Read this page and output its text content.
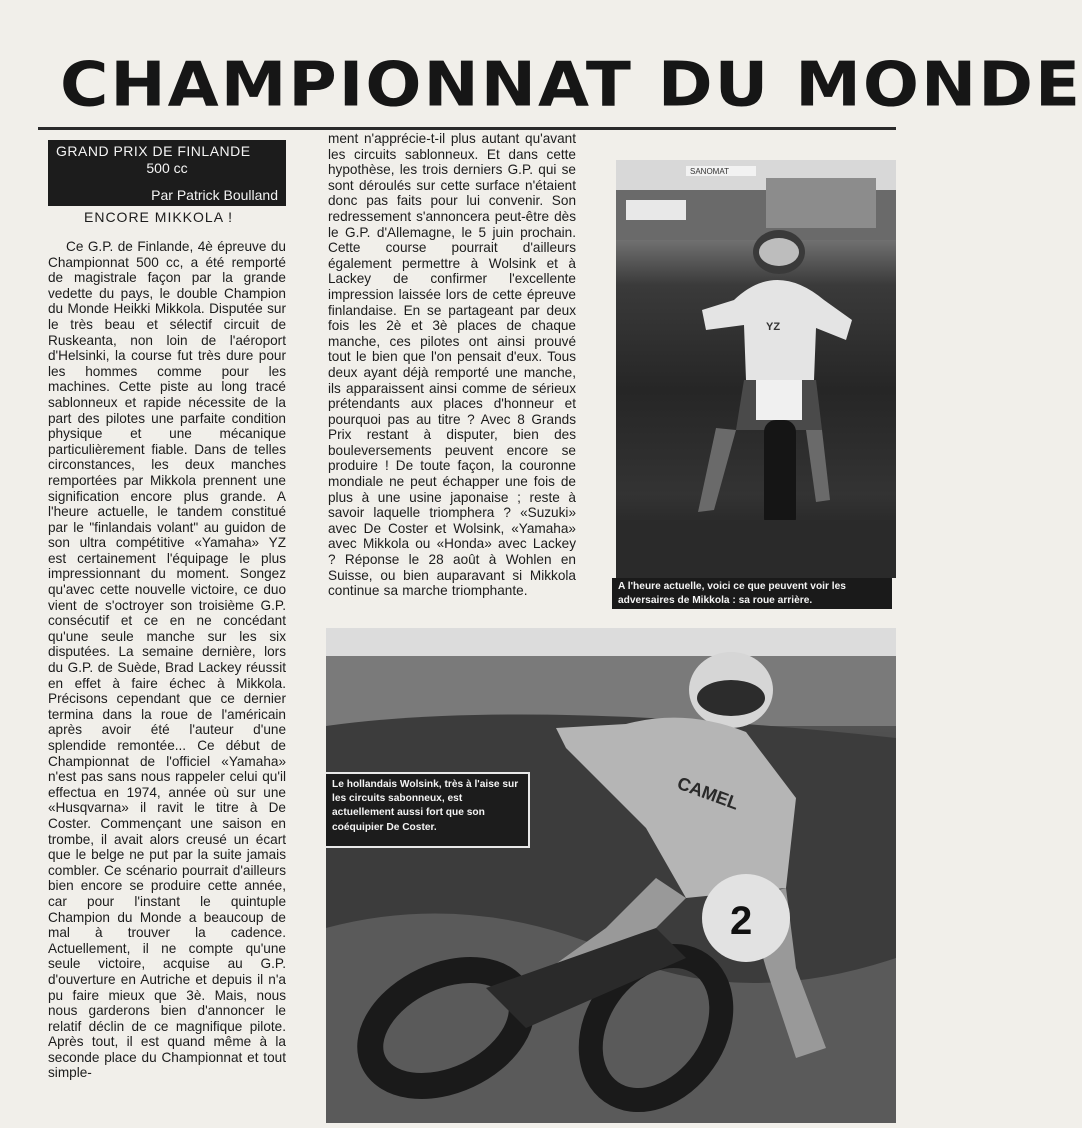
CHAMPIONNAT DU MONDE
GRAND PRIX DE FINLANDE
500 cc
Par Patrick Boulland
ENCORE MIKKOLA !
Ce G.P. de Finlande, 4è épreuve du Championnat 500 cc, a été remporté de magistrale façon par la grande vedette du pays, le double Champion du Monde Heikki Mikkola. Disputée sur le très beau et sélectif circuit de Ruskeanta, non loin de l'aéroport d'Helsinki, la course fut très dure pour les hommes comme pour les machines. Cette piste au long tracé sablonneux et rapide nécessite de la part des pilotes une parfaite condition physique et une mécanique particulièrement fiable. Dans de telles circonstances, les deux manches remportées par Mikkola prennent une signification encore plus grande. A l'heure actuelle, le tandem constitué par le "finlandais volant" au guidon de son ultra compétitive «Yamaha» YZ est certainement l'équipage le plus impressionnant du moment. Songez qu'avec cette nouvelle victoire, ce duo vient de s'octroyer son troisième G.P. consécutif et ce en ne concédant qu'une seule manche sur les six disputées. La semaine dernière, lors du G.P. de Suède, Brad Lackey réussit en effet à faire échec à Mikkola. Précisons cependant que ce dernier termina dans la roue de l'américain après avoir été l'auteur d'une splendide remontée... Ce début de Championnat de l'officiel «Yamaha» n'est pas sans nous rappeler celui qu'il effectua en 1974, année où sur une «Husqvarna» il ravit le titre à De Coster. Commençant une saison en trombe, il avait alors creusé un écart que le belge ne put par la suite jamais combler. Ce scénario pourrait d'ailleurs bien encore se produire cette année, car pour l'instant le quintuple Champion du Monde a beaucoup de mal à trouver la cadence. Actuellement, il ne compte qu'une seule victoire, acquise au G.P. d'ouverture en Autriche et depuis il n'a pu faire mieux que 3è. Mais, nous nous garderons bien d'annoncer le relatif déclin de ce magnifique pilote. Après tout, il est quand même à la seconde place du Championnat et tout simple-
ment n'apprécie-t-il plus autant qu'avant les circuits sablonneux. Et dans cette hypothèse, les trois derniers G.P. qui se sont déroulés sur cette surface n'étaient donc pas faits pour lui convenir. Son redressement s'annoncera peut-être dès le G.P. d'Allemagne, le 5 juin prochain. Cette course pourrait d'ailleurs également permettre à Wolsink et à Lackey de confirmer l'excellente impression laissée lors de cette épreuve finlandaise. En se partageant par deux fois les 2è et 3è places de chaque manche, ces pilotes ont ainsi prouvé tout le bien que l'on pensait d'eux. Tous deux ayant déjà remporté une manche, ils apparaissent ainsi comme de sérieux prétendants aux places d'honneur et pourquoi pas au titre ? Avec 8 Grands Prix restant à disputer, bien des bouleversements peuvent encore se produire ! De toute façon, la couronne mondiale ne peut échapper une fois de plus à une usine japonaise ; reste à savoir laquelle triomphera ? «Suzuki» avec De Coster et Wolsink, «Yamaha» avec Mikkola ou «Honda» avec Lackey ? Réponse le 28 août à Wohlen en Suisse, ou bien auparavant si Mikkola continue sa marche triomphante.
SANOMAT
YZ
A l'heure actuelle, voici ce que peuvent voir les adversaires de Mikkola : sa roue arrière.
CAMEL
2
Le hollandais Wolsink, très à l'aise sur les circuits sabonneux, est actuellement aussi fort que son coéquipier De Coster.
